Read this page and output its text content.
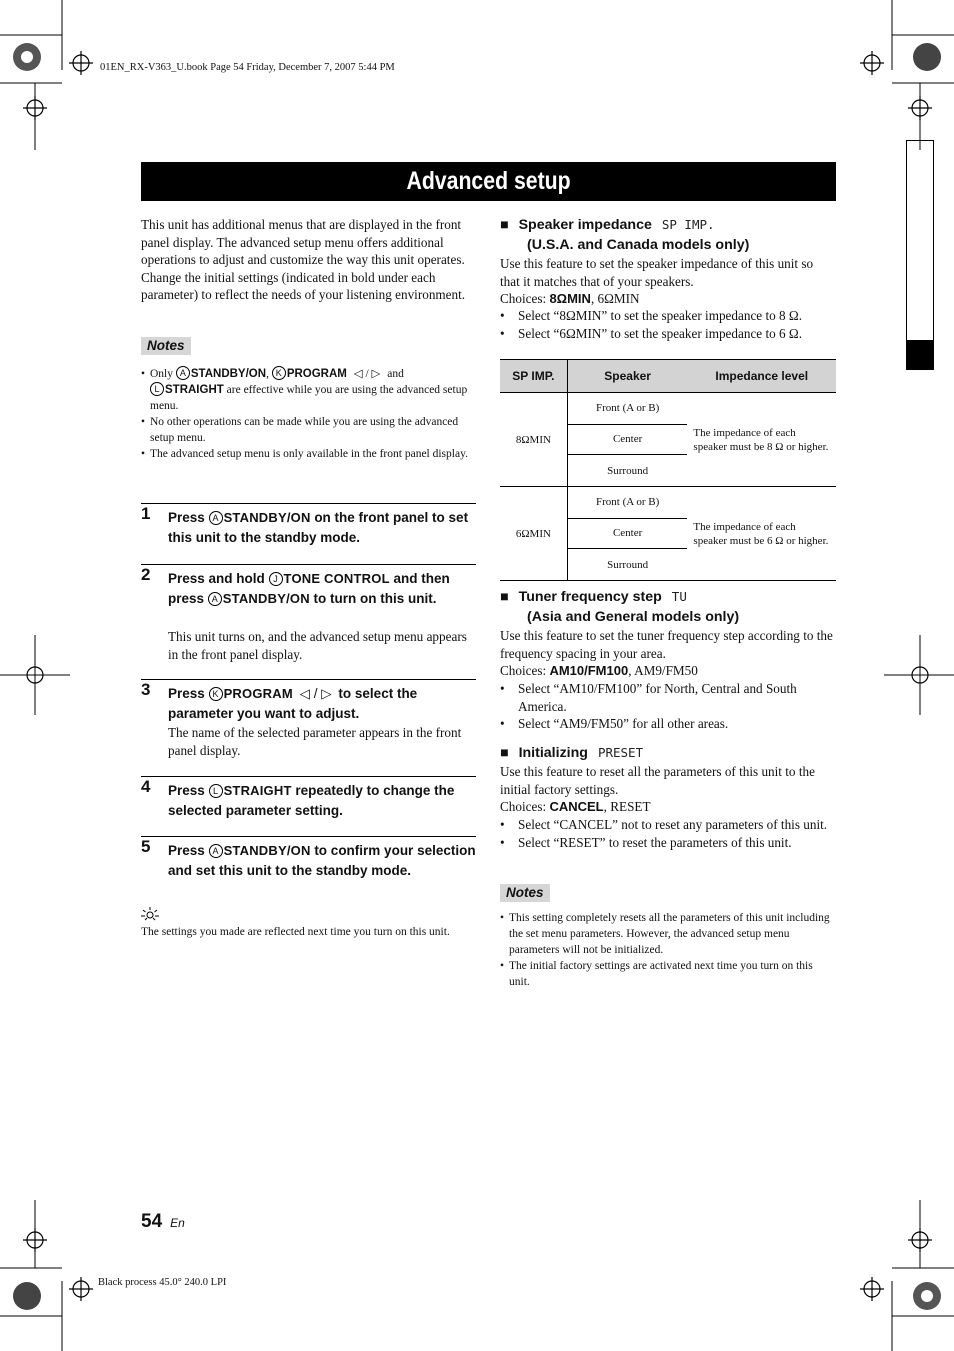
01EN_RX-V363_U.book Page 54 Friday, December 7, 2007 5:44 PM
Advanced setup
This unit has additional menus that are displayed in the front panel display. The advanced setup menu offers additional operations to adjust and customize the way this unit operates. Change the initial settings (indicated in bold under each parameter) to reflect the needs of your listening environment.
Notes
• Only A STANDBY/ON, K PROGRAM ◁ / ▷ and
L STRAIGHT are effective while you are using the advanced setup menu.
• No other operations can be made while you are using the advanced setup menu.
• The advanced setup menu is only available in the front panel display.
1 Press A STANDBY/ON on the front panel to set this unit to the standby mode.
2 Press and hold J TONE CONTROL and then press A STANDBY/ON to turn on this unit.
This unit turns on, and the advanced setup menu appears in the front panel display.
3 Press K PROGRAM ◁ / ▷ to select the parameter you want to adjust.
The name of the selected parameter appears in the front panel display.
4 Press L STRAIGHT repeatedly to change the selected parameter setting.
5 Press A STANDBY/ON to confirm your selection and set this unit to the standby mode.
The settings you made are reflected next time you turn on this unit.
■ Speaker impedance SP IMP.
(U.S.A. and Canada models only)
Use this feature to set the speaker impedance of this unit so that it matches that of your speakers.
Choices: 8ΩMIN, 6ΩMIN
• Select “8ΩMIN” to set the speaker impedance to 8 Ω.
• Select “6ΩMIN” to set the speaker impedance to 6 Ω.
SP IMP.	Speaker	Impedance level
8ΩMIN
Front (A or B)
Center
Surround
The impedance of each speaker must be 8 Ω or higher.
6ΩMIN
Front (A or B)
Center
Surround
The impedance of each speaker must be 6 Ω or higher.
■ Tuner frequency step TU
(Asia and General models only)
Use this feature to set the tuner frequency step according to the frequency spacing in your area.
Choices: AM10/FM100, AM9/FM50
• Select “AM10/FM100” for North, Central and South America.
• Select “AM9/FM50” for all other areas.
■ Initializing PRESET
Use this feature to reset all the parameters of this unit to the initial factory settings.
Choices: CANCEL, RESET
• Select “CANCEL” not to reset any parameters of this unit.
• Select “RESET” to reset the parameters of this unit.
Notes
• This setting completely resets all the parameters of this unit including the set menu parameters. However, the advanced setup menu parameters will not be initialized.
• The initial factory settings are activated next time you turn on this unit.
54 En
Black process 45.0° 240.0 LPI
